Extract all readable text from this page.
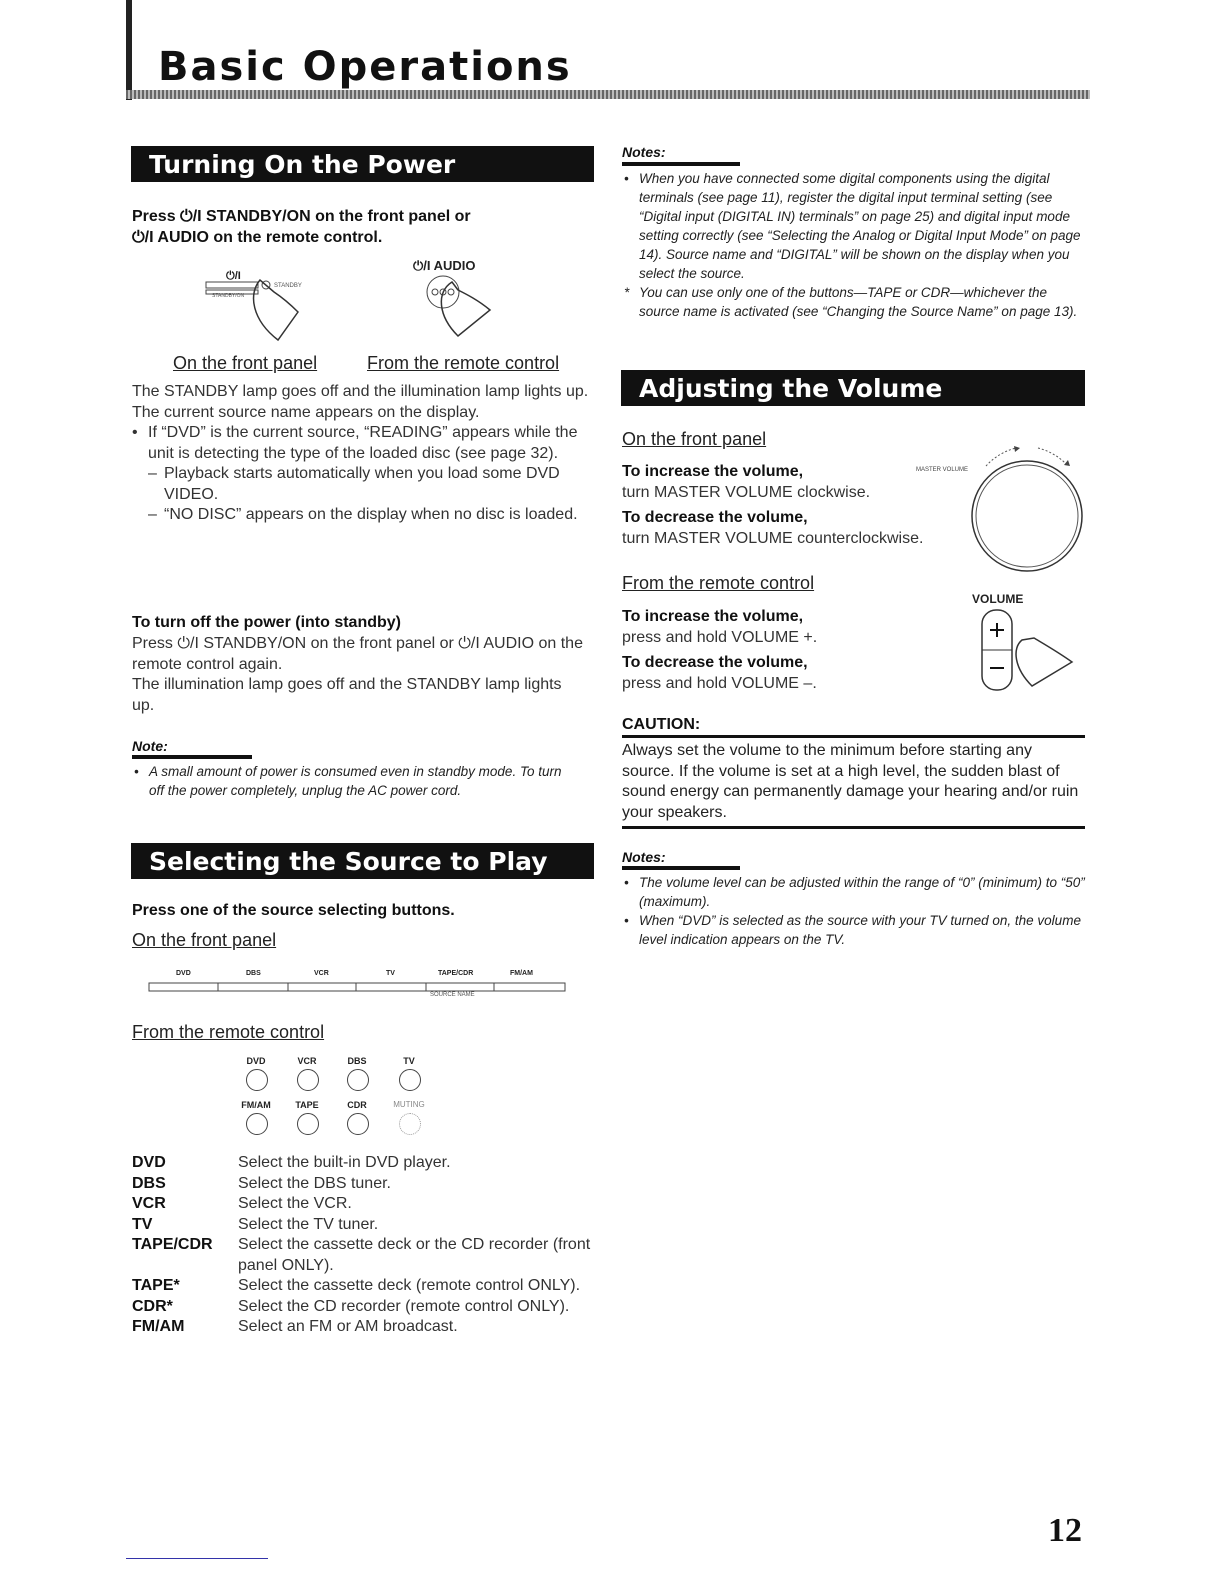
Basic Operations
Turning On the Power
Press ⏻/I STANDBY/ON on the front panel or
⏻/I AUDIO on the remote control.
⏻/I
STANDBY
STANDBY/ON
⏻/I AUDIO
On the front panel	From the remote control
The STANDBY lamp goes off and the illumination lamp lights up.
The current source name appears on the display.
• If “DVD” is the current source, “READING” appears while the unit is detecting the type of the loaded disc (see page 32).
– Playback starts automatically when you load some DVD VIDEO.
– “NO DISC” appears on the display when no disc is loaded.
To turn off the power (into standby)
Press ⏻/I STANDBY/ON on the front panel or ⏻/I AUDIO on the remote control again.
The illumination lamp goes off and the STANDBY lamp lights up.
Note:
• A small amount of power is consumed even in standby mode. To turn off the power completely, unplug the AC power cord.
Selecting the Source to Play
Press one of the source selecting buttons.
On the front panel
DVD	DBS	VCR	TV	TAPE/CDR	FM/AM
SOURCE NAME
From the remote control
DVD	VCR	DBS	TV
FM/AM	TAPE	CDR	MUTING
DVD	Select the built-in DVD player.
DBS	Select the DBS tuner.
VCR	Select the VCR.
TV	Select the TV tuner.
TAPE/CDR	Select the cassette deck or the CD recorder (front panel ONLY).
TAPE*	Select the cassette deck (remote control ONLY).
CDR*	Select the CD recorder (remote control ONLY).
FM/AM	Select an FM or AM broadcast.
Notes:
• When you have connected some digital components using the digital terminals (see page 11), register the digital input terminal setting (see “Digital input (DIGITAL IN) terminals” on page 25) and digital input mode setting correctly (see “Selecting the Analog or Digital Input Mode” on page 14). Source name and “DIGITAL” will be shown on the display when you select the source.
* You can use only one of the buttons—TAPE or CDR—whichever the source name is activated (see “Changing the Source Name” on page 13).
Adjusting the Volume
On the front panel
To increase the volume,
turn MASTER VOLUME clockwise.
To decrease the volume,
turn MASTER VOLUME counterclockwise.
MASTER VOLUME
From the remote control
To increase the volume,
press and hold VOLUME +.
To decrease the volume,
press and hold VOLUME –.
VOLUME
CAUTION:
Always set the volume to the minimum before starting any source. If the volume is set at a high level, the sudden blast of sound energy can permanently damage your hearing and/or ruin your speakers.
Notes:
• The volume level can be adjusted within the range of “0” (minimum) to “50” (maximum).
• When “DVD” is selected as the source with your TV turned on, the volume level indication appears on the TV.
12
